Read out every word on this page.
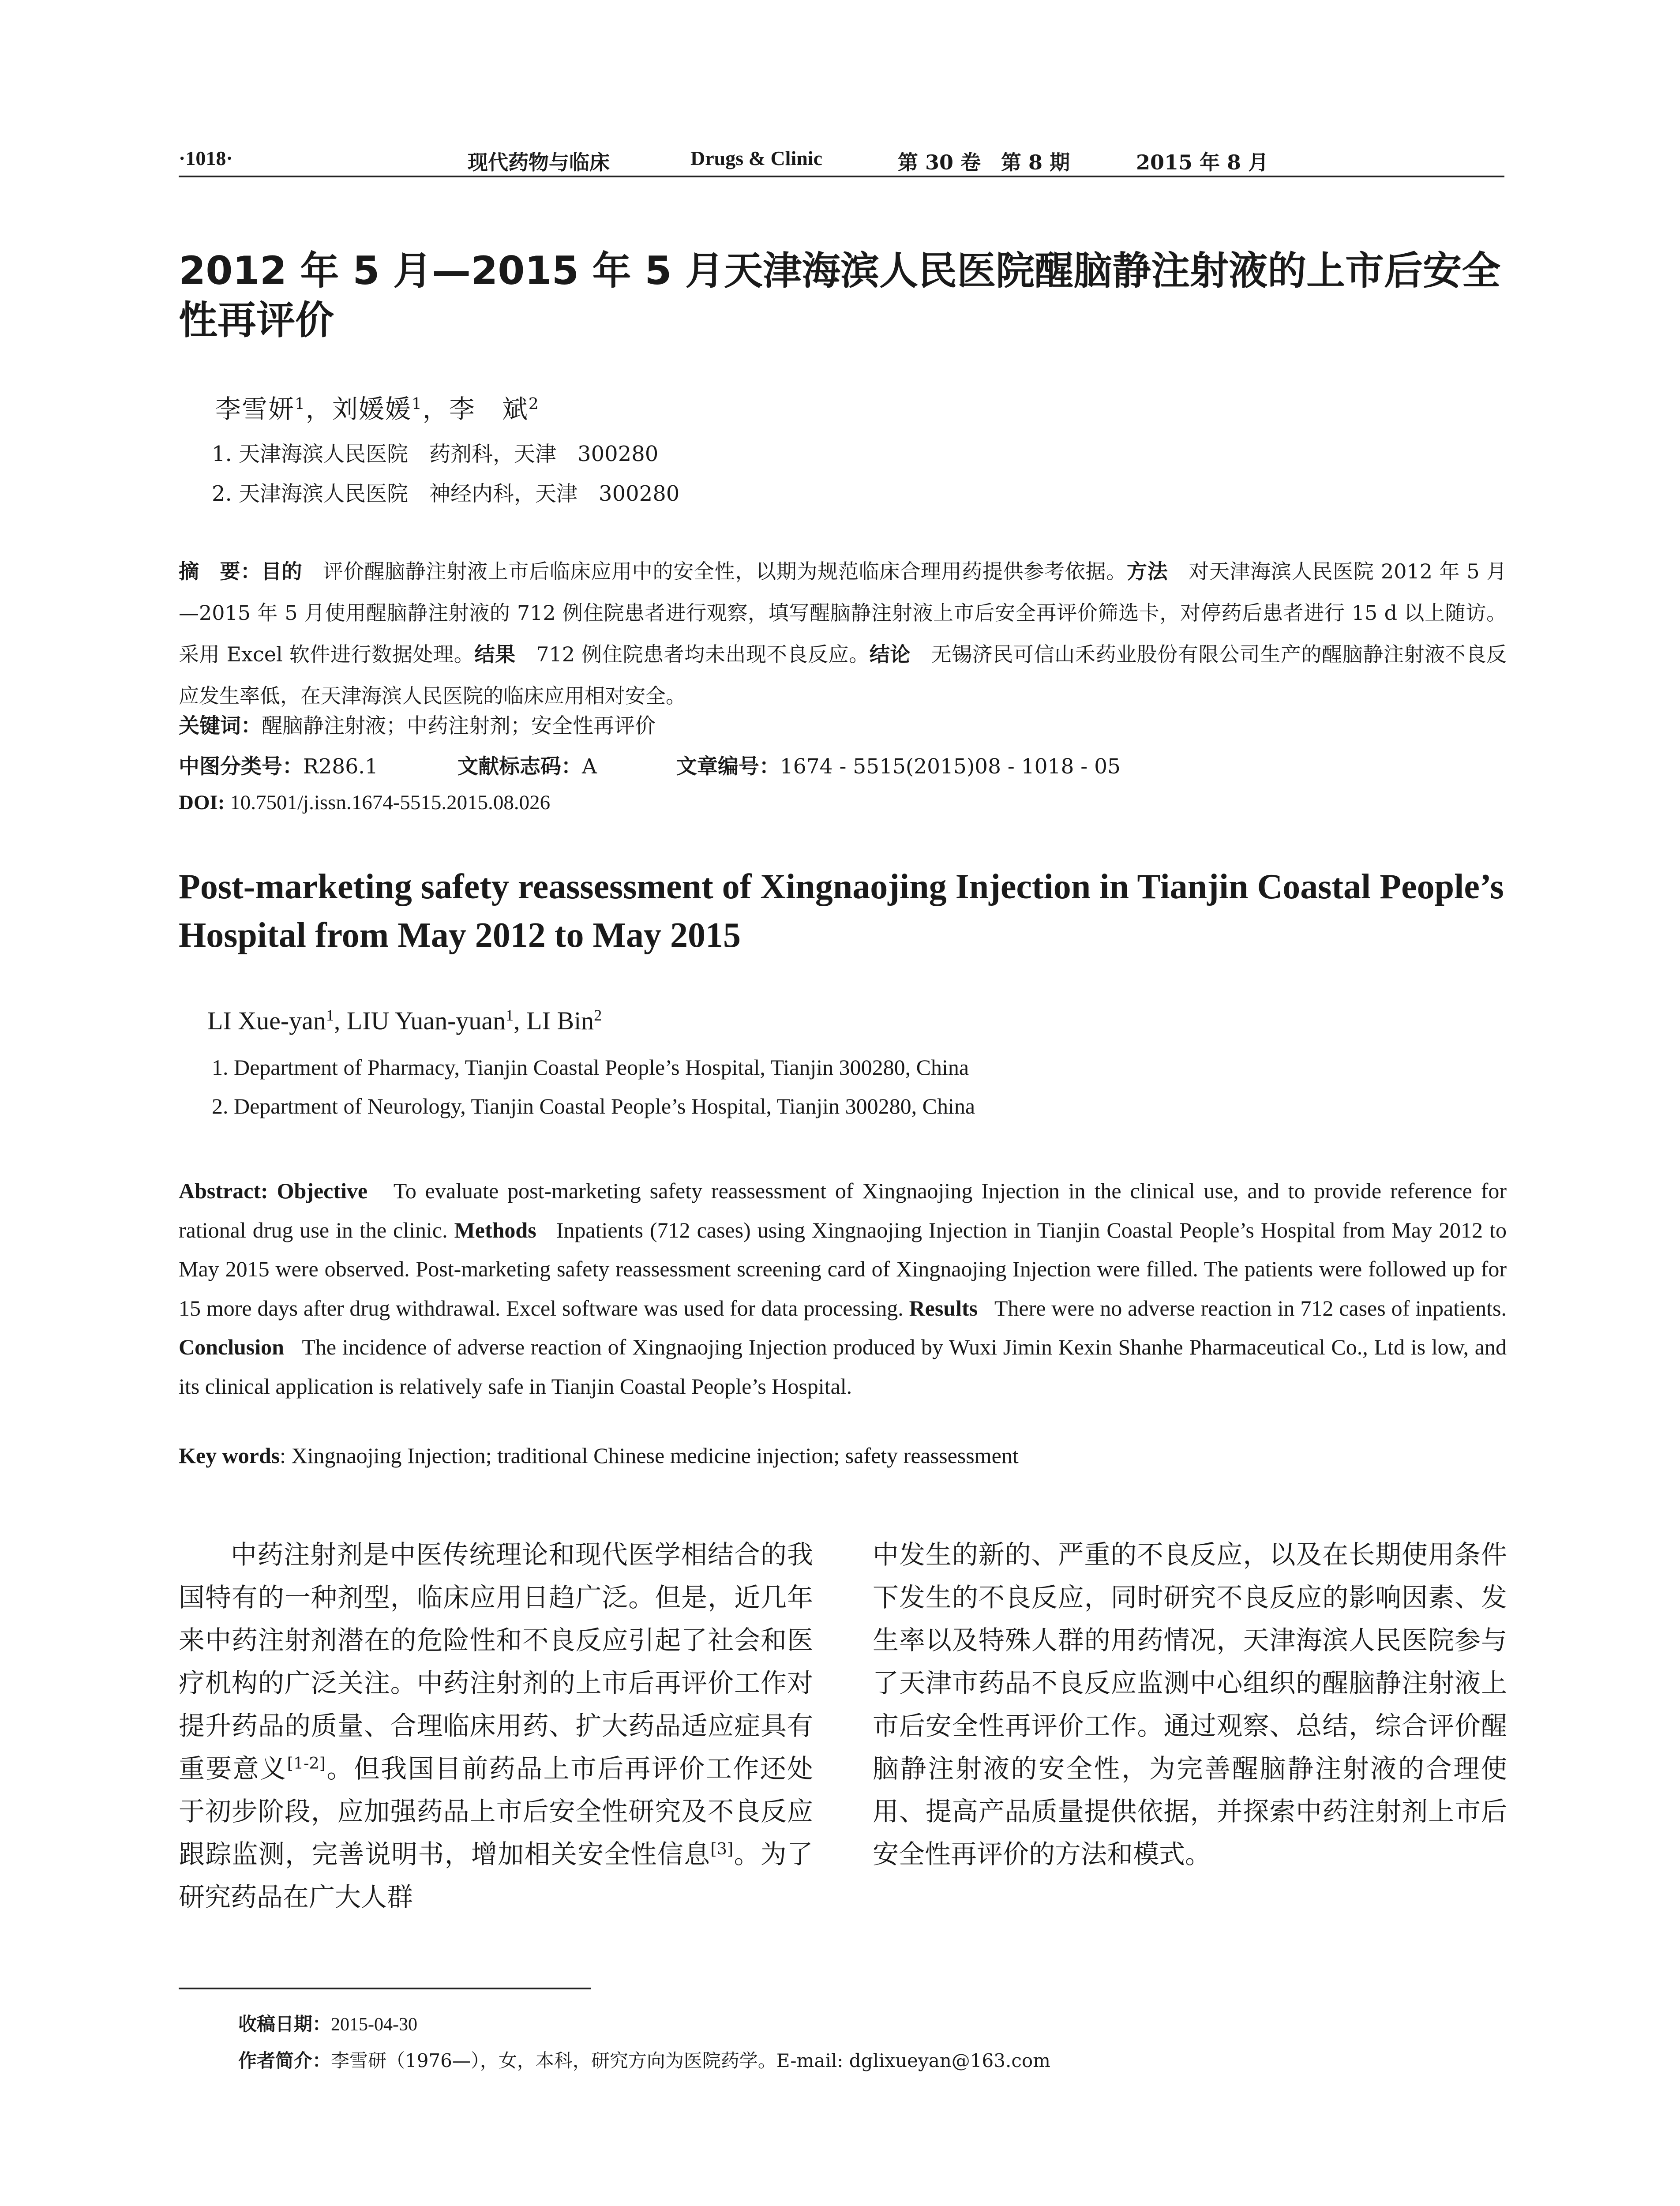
·1018·	现代药物与临床	Drugs & Clinic	第 30 卷　第 8 期	2015 年 8 月
2012 年 5 月—2015 年 5 月天津海滨人民医院醒脑静注射液的上市后安全性再评价
李雪妍$^1$，刘媛媛$^1$，李　斌$^2$
1. 天津海滨人民医院　药剂科，天津　300280
2. 天津海滨人民医院　神经内科，天津　300280
摘　要：目的　 评价醒脑静注射液上市后临床应用中的安全性，以期为规范临床合理用药提供参考依据。方法　 对天津海滨人民医院 2012 年 5 月—2015 年 5 月使用醒脑静注射液的 712 例住院患者进行观察，填写醒脑静注射液上市后安全再评价筛选卡，对停药后患者进行 15 d 以上随访。采用 Excel 软件进行数据处理。结果　 712 例住院患者均未出现不良反应。结论　 无锡济民可信山禾药业股份有限公司生产的醒脑静注射液不良反应发生率低，在天津海滨人民医院的临床应用相对安全。
关键词：醒脑静注射液；中药注射剂；安全性再评价
中图分类号：R286.1	文献标志码：A	文章编号：1674 - 5515(2015)08 - 1018 - 05
DOI: 10.7501/j.issn.1674-5515.2015.08.026
Post-marketing safety reassessment of Xingnaojing Injection in Tianjin Coastal People’s Hospital from May 2012 to May 2015
LI Xue-yan$^1$, LIU Yuan-yuan$^1$, LI Bin$^2$
1. Department of Pharmacy, Tianjin Coastal People’s Hospital, Tianjin 300280, China
2. Department of Neurology, Tianjin Coastal People’s Hospital, Tianjin 300280, China
Abstract: Objective To evaluate post-marketing safety reassessment of Xingnaojing Injection in the clinical use, and to provide reference for rational drug use in the clinic. Methods Inpatients (712 cases) using Xingnaojing Injection in Tianjin Coastal People’s Hospital from May 2012 to May 2015 were observed. Post-marketing safety reassessment screening card of Xingnaojing Injection were filled. The patients were followed up for 15 more days after drug withdrawal. Excel software was used for data processing. Results There were no adverse reaction in 712 cases of inpatients. Conclusion The incidence of adverse reaction of Xingnaojing Injection produced by Wuxi Jimin Kexin Shanhe Pharmaceutical Co., Ltd is low, and its clinical application is relatively safe in Tianjin Coastal People’s Hospital.
Key words: Xingnaojing Injection; traditional Chinese medicine injection; safety reassessment
中药注射剂是中医传统理论和现代医学相结合的我国特有的一种剂型，临床应用日趋广泛。但是，近几年来中药注射剂潜在的危险性和不良反应引起了社会和医疗机构的广泛关注。中药注射剂的上市后再评价工作对提升药品的质量、合理临床用药、扩大药品适应症具有重要意义[1-2]。但我国目前药品上市后再评价工作还处于初步阶段，应加强药品上市后安全性研究及不良反应跟踪监测，完善说明书，增加相关安全性信息[3]。为了研究药品在广大人群
中发生的新的、严重的不良反应，以及在长期使用条件下发生的不良反应，同时研究不良反应的影响因素、发生率以及特殊人群的用药情况，天津海滨人民医院参与了天津市药品不良反应监测中心组织的醒脑静注射液上市后安全性再评价工作。通过观察、总结，综合评价醒脑静注射液的安全性，为完善醒脑静注射液的合理使用、提高产品质量提供依据，并探索中药注射剂上市后安全性再评价的方法和模式。
收稿日期：2015-04-30
作者简介：李雪研（1976—），女，本科，研究方向为医院药学。E-mail: dglixueyan@163.com
